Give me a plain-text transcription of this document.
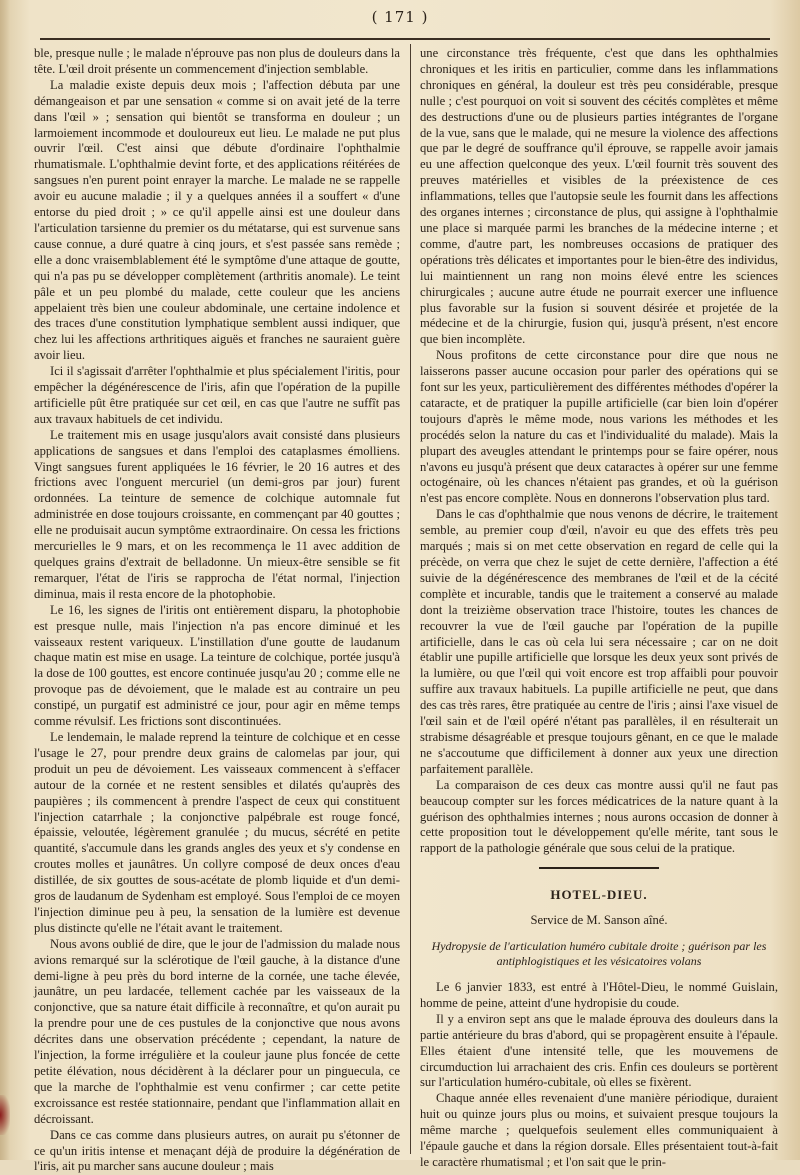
( 171 )

ble, presque nulle ; le malade n'éprouve pas non plus de douleurs dans la tête. L'œil droit présente un commencement d'injection semblable.

La maladie existe depuis deux mois ; l'affection débuta par une démangeaison et par une sensation « comme si on avait jeté de la terre dans l'œil » ; sensation qui bientôt se transforma en douleur ; un larmoiement incommode et douloureux eut lieu. Le malade ne put plus ouvrir l'œil. C'est ainsi que débute d'ordinaire l'ophthalmie rhumatismale. L'ophthalmie devint forte, et des applications réitérées de sangsues n'en purent point enrayer la marche. Le malade ne se rappelle avoir eu aucune maladie ; il y a quelques années il a souffert « d'une entorse du pied droit ; » ce qu'il appelle ainsi est une douleur dans l'articulation tarsienne du premier os du métatarse, qui est survenue sans cause connue, a duré quatre à cinq jours, et s'est passée sans remède ; elle a donc vraisemblablement été le symptôme d'une attaque de goutte, qui n'a pas pu se développer complètement (arthritis anomale). Le teint pâle et un peu plombé du malade, cette couleur que les anciens appelaient très bien une couleur abdominale, une certaine indolence et des traces d'une constitution lymphatique semblent aussi indiquer, que chez lui les affections arthritiques aiguës et franches ne sauraient guère avoir lieu.

Ici il s'agissait d'arrêter l'ophthalmie et plus spécialement l'iritis, pour empêcher la dégénérescence de l'iris, afin que l'opération de la pupille artificielle pût être pratiquée sur cet œil, en cas que l'autre ne suffît pas aux travaux habituels de cet individu.

Le traitement mis en usage jusqu'alors avait consisté dans plusieurs applications de sangsues et dans l'emploi des cataplasmes émolliens. Vingt sangsues furent appliquées le 16 février, le 20 16 autres et des frictions avec l'onguent mercuriel (un demi-gros par jour) furent ordonnées. La teinture de semence de colchique automnale fut administrée en dose toujours croissante, en commençant par 40 gouttes ; elle ne produisait aucun symptôme extraordinaire. On cessa les frictions mercurielles le 9 mars, et on les recommença le 11 avec addition de quelques grains d'extrait de belladonne. Un mieux-être sensible se fit remarquer, l'état de l'iris se rapprocha de l'état normal, l'injection diminua, mais il resta encore de la photophobie.

Le 16, les signes de l'iritis ont entièrement disparu, la photophobie est presque nulle, mais l'injection n'a pas encore diminué et les vaisseaux restent variqueux. L'instillation d'une goutte de laudanum chaque matin est mise en usage. La teinture de colchique, portée jusqu'à la dose de 100 gouttes, est encore continuée jusqu'au 20 ; comme elle ne provoque pas de dévoiement, que le malade est au contraire un peu constipé, un purgatif est administré ce jour, pour agir en même temps comme révulsif. Les frictions sont discontinuées.

Le lendemain, le malade reprend la teinture de colchique et en cesse l'usage le 27, pour prendre deux grains de calomelas par jour, qui produit un peu de dévoiement. Les vaisseaux commencent à s'effacer autour de la cornée et ne restent sensibles et dilatés qu'auprès des paupières ; ils commencent à prendre l'aspect de ceux qui constituent l'injection catarrhale ; la conjonctive palpébrale est rouge foncé, épaissie, veloutée, légèrement granulée ; du mucus, sécrété en petite quantité, s'accumule dans les grands angles des yeux et s'y condense en croutes molles et jaunâtres. Un collyre composé de deux onces d'eau distillée, de six gouttes de sous-acétate de plomb liquide et d'un demi-gros de laudanum de Sydenham est employé. Sous l'emploi de ce moyen l'injection diminue peu à peu, la sensation de la lumière est devenue plus distincte qu'elle ne l'était avant le traitement.

Nous avons oublié de dire, que le jour de l'admission du malade nous avions remarqué sur la sclérotique de l'œil gauche, à la distance d'une demi-ligne à peu près du bord interne de la cornée, une tache élevée, jaunâtre, un peu lardacée, tellement cachée par les vaisseaux de la conjonctive, que sa nature était difficile à reconnaître, et qu'on aurait pu la prendre pour une de ces pustules de la conjonctive que nous avons décrites dans une observation précédente ; cependant, la nature de l'injection, la forme irrégulière et la couleur jaune plus foncée de cette petite élévation, nous décidèrent à la déclarer pour un pinguecula, ce que la marche de l'ophthalmie est venu confirmer ; car cette petite excroissance est restée stationnaire, pendant que l'inflammation allait en décroissant.

Dans ce cas comme dans plusieurs autres, on aurait pu s'étonner de ce qu'un iritis intense et menaçant déjà de produire la dégénération de l'iris, ait pu marcher sans aucune douleur ; mais

une circonstance très fréquente, c'est que dans les ophthalmies chroniques et les iritis en particulier, comme dans les inflammations chroniques en général, la douleur est très peu considérable, presque nulle ; c'est pourquoi on voit si souvent des cécités complètes et même des destructions d'une ou de plusieurs parties intégrantes de l'organe de la vue, sans que le malade, qui ne mesure la violence des affections que par le degré de souffrance qu'il éprouve, se rappelle avoir jamais eu une affection quelconque des yeux. L'œil fournit très souvent des preuves matérielles et visibles de la préexistence de ces inflammations, telles que l'autopsie seule les fournit dans les affections des organes internes ; circonstance de plus, qui assigne à l'ophthalmie une place si marquée parmi les branches de la médecine interne ; et comme, d'autre part, les nombreuses occasions de pratiquer des opérations très délicates et importantes pour le bien-être des individus, lui maintiennent un rang non moins élevé entre les sciences chirurgicales ; aucune autre étude ne pourrait exercer une influence plus favorable sur la fusion si souvent désirée et projetée de la médecine et de la chirurgie, fusion qui, jusqu'à présent, n'est encore que bien incomplète.

Nous profitons de cette circonstance pour dire que nous ne laisserons passer aucune occasion pour parler des opérations qui se font sur les yeux, particulièrement des différentes méthodes d'opérer la cataracte, et de pratiquer la pupille artificielle (car bien loin d'opérer toujours d'après le même mode, nous varions les méthodes et les procédés selon la nature du cas et l'individualité du malade). Mais la plupart des aveugles attendant le printemps pour se faire opérer, nous n'avons eu jusqu'à présent que deux cataractes à opérer sur une femme octogénaire, où les chances n'étaient pas grandes, et où la guérison n'est pas encore complète. Nous en donnerons l'observation plus tard.

Dans le cas d'ophthalmie que nous venons de décrire, le traitement semble, au premier coup d'œil, n'avoir eu que des effets très peu marqués ; mais si on met cette observation en regard de celle qui la précède, on verra que chez le sujet de cette dernière, l'affection a été suivie de la dégénérescence des membranes de l'œil et de la cécité complète et incurable, tandis que le traitement a conservé au malade dont la treizième observation trace l'histoire, toutes les chances de recouvrer la vue de l'œil gauche par l'opération de la pupille artificielle, dans le cas où cela lui sera nécessaire ; car on ne doit établir une pupille artificielle que lorsque les deux yeux sont privés de la lumière, ou que l'œil qui voit encore est trop affaibli pour pouvoir suffire aux travaux habituels. La pupille artificielle ne peut, que dans des cas très rares, être pratiquée au centre de l'iris ; ainsi l'axe visuel de l'œil sain et de l'œil opéré n'étant pas parallèles, il en résulterait un strabisme désagréable et presque toujours gênant, en ce que le malade ne s'accoutume que difficilement à donner aux yeux une direction parfaitement parallèle.

La comparaison de ces deux cas montre aussi qu'il ne faut pas beaucoup compter sur les forces médicatrices de la nature quant à la guérison des ophthalmies internes ; nous aurons occasion de donner à cette proposition tout le développement qu'elle mérite, tant sous le rapport de la pathologie générale que sous celui de la pratique.

HOTEL-DIEU.
Service de M. Sanson aîné.
Hydropysie de l'articulation huméro cubitale droite ; guérison par les antiphlogistiques et les vésicatoires volans

Le 6 janvier 1833, est entré à l'Hôtel-Dieu, le nommé Guislain, homme de peine, atteint d'une hydropisie du coude.

Il y a environ sept ans que le malade éprouva des douleurs dans la partie antérieure du bras d'abord, qui se propagèrent ensuite à l'épaule. Elles étaient d'une intensité telle, que les mouvemens de circumduction lui arrachaient des cris. Enfin ces douleurs se portèrent sur l'articulation huméro-cubitale, où elles se fixèrent.

Chaque année elles revenaient d'une manière périodique, duraient huit ou quinze jours plus ou moins, et suivaient presque toujours la même marche ; quelquefois seulement elles communiquaient à l'épaule gauche et dans la région dorsale. Elles présentaient tout-à-fait le caractère rhumatismal ; et l'on sait que le prin-
